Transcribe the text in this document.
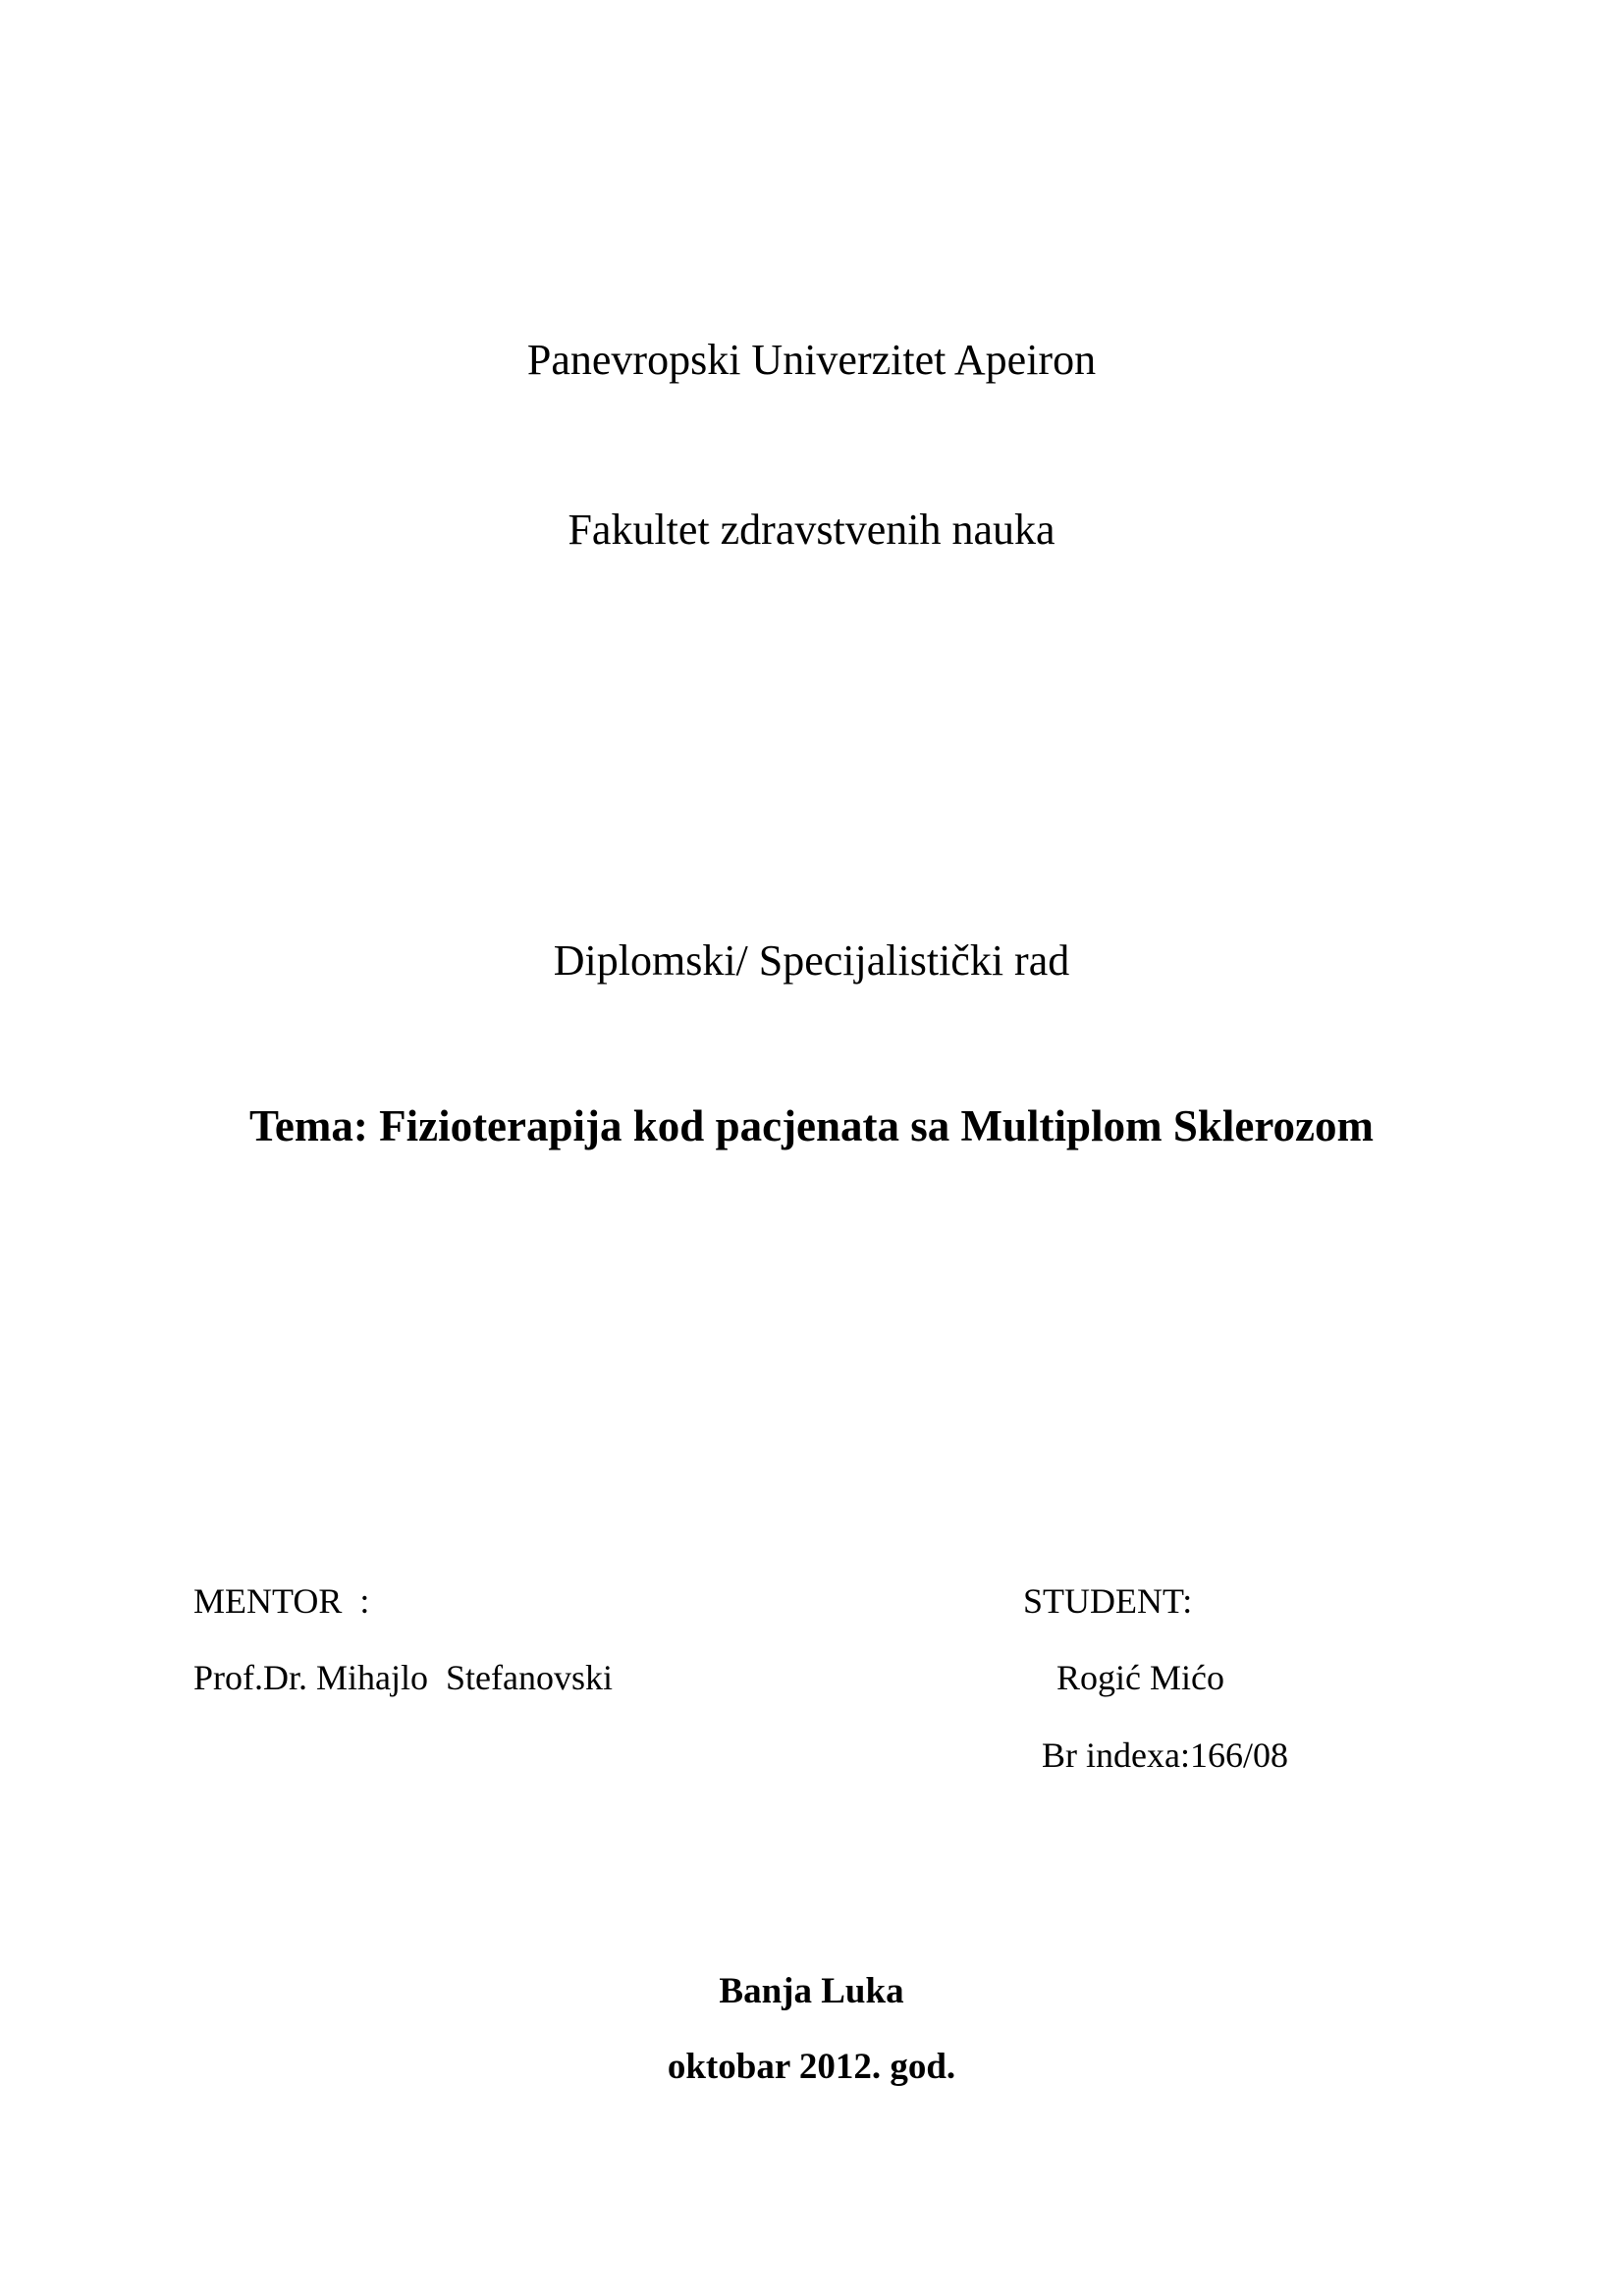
Panevropski Univerzitet Apeiron
Fakultet zdravstvenih nauka
Diplomski/ Specijalistički rad
Tema: Fizioterapija kod pacjenata sa Multiplom Sklerozom
MENTOR  :
Prof.Dr. Mihajlo  Stefanovski
STUDENT:
Rogić Mićo
Br indexa:166/08
Banja Luka
oktobar 2012. god.
